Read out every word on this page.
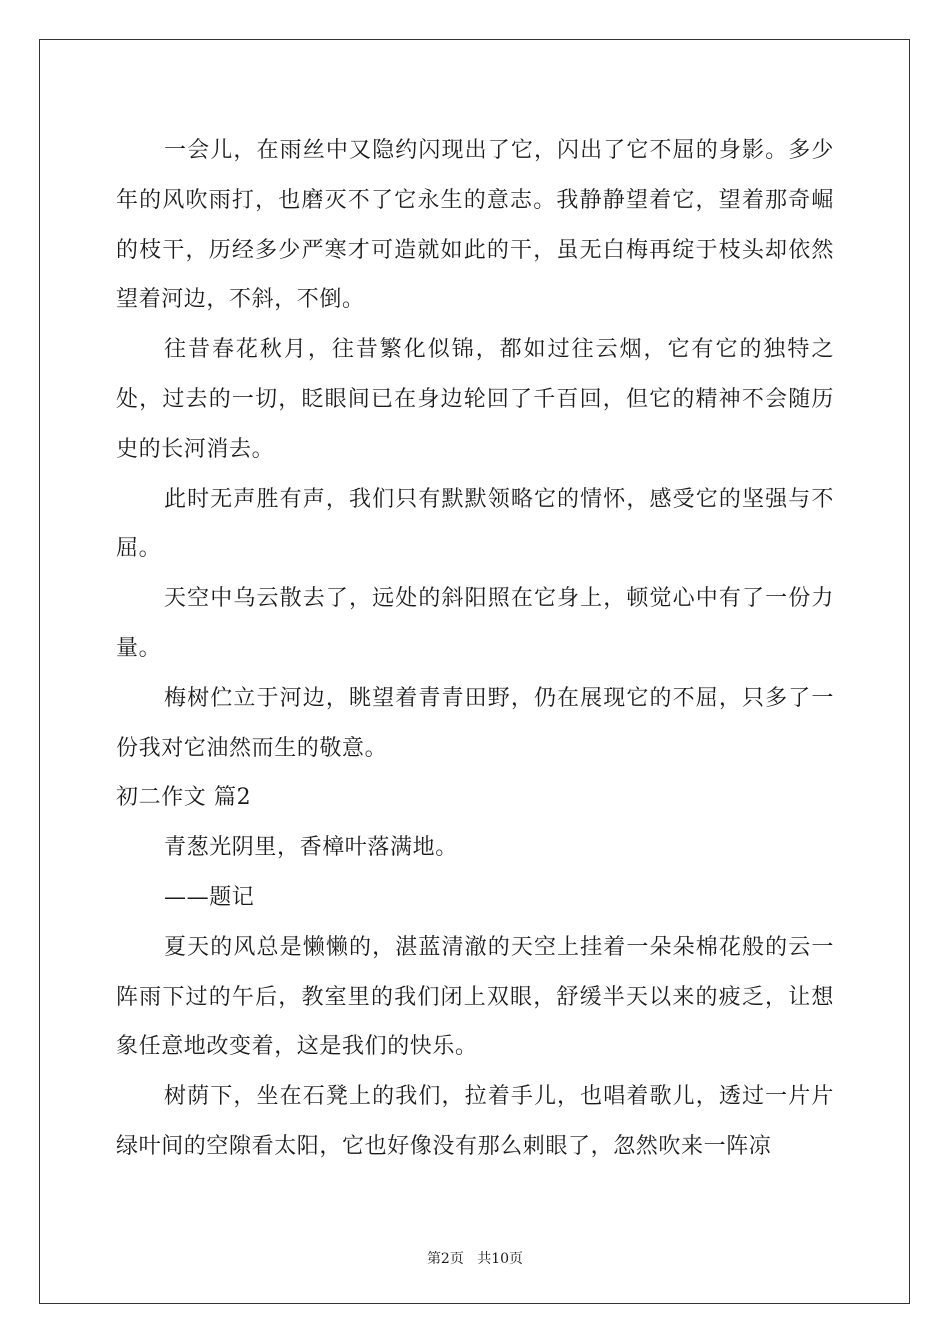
一会儿，在雨丝中又隐约闪现出了它，闪出了它不屈的身影。多少年的风吹雨打，也磨灭不了它永生的意志。我静静望着它，望着那奇崛的枝干，历经多少严寒才可造就如此的干，虽无白梅再绽于枝头却依然望着河边，不斜，不倒。

往昔春花秋月，往昔繁化似锦，都如过往云烟，它有它的独特之处，过去的一切，眨眼间已在身边轮回了千百回，但它的精神不会随历史的长河消去。

此时无声胜有声，我们只有默默领略它的情怀，感受它的坚强与不屈。

天空中乌云散去了，远处的斜阳照在它身上，顿觉心中有了一份力量。

梅树伫立于河边，眺望着青青田野，仍在展现它的不屈，只多了一份我对它油然而生的敬意。

初二作文 篇2

青葱光阴里，香樟叶落满地。

——题记

夏天的风总是懒懒的，湛蓝清澈的天空上挂着一朵朵棉花般的云一阵雨下过的午后，教室里的我们闭上双眼，舒缓半天以来的疲乏，让想象任意地改变着，这是我们的快乐。

树荫下，坐在石凳上的我们，拉着手儿，也唱着歌儿，透过一片片绿叶间的空隙看太阳，它也好像没有那么刺眼了，忽然吹来一阵凉

第2页 共10页
